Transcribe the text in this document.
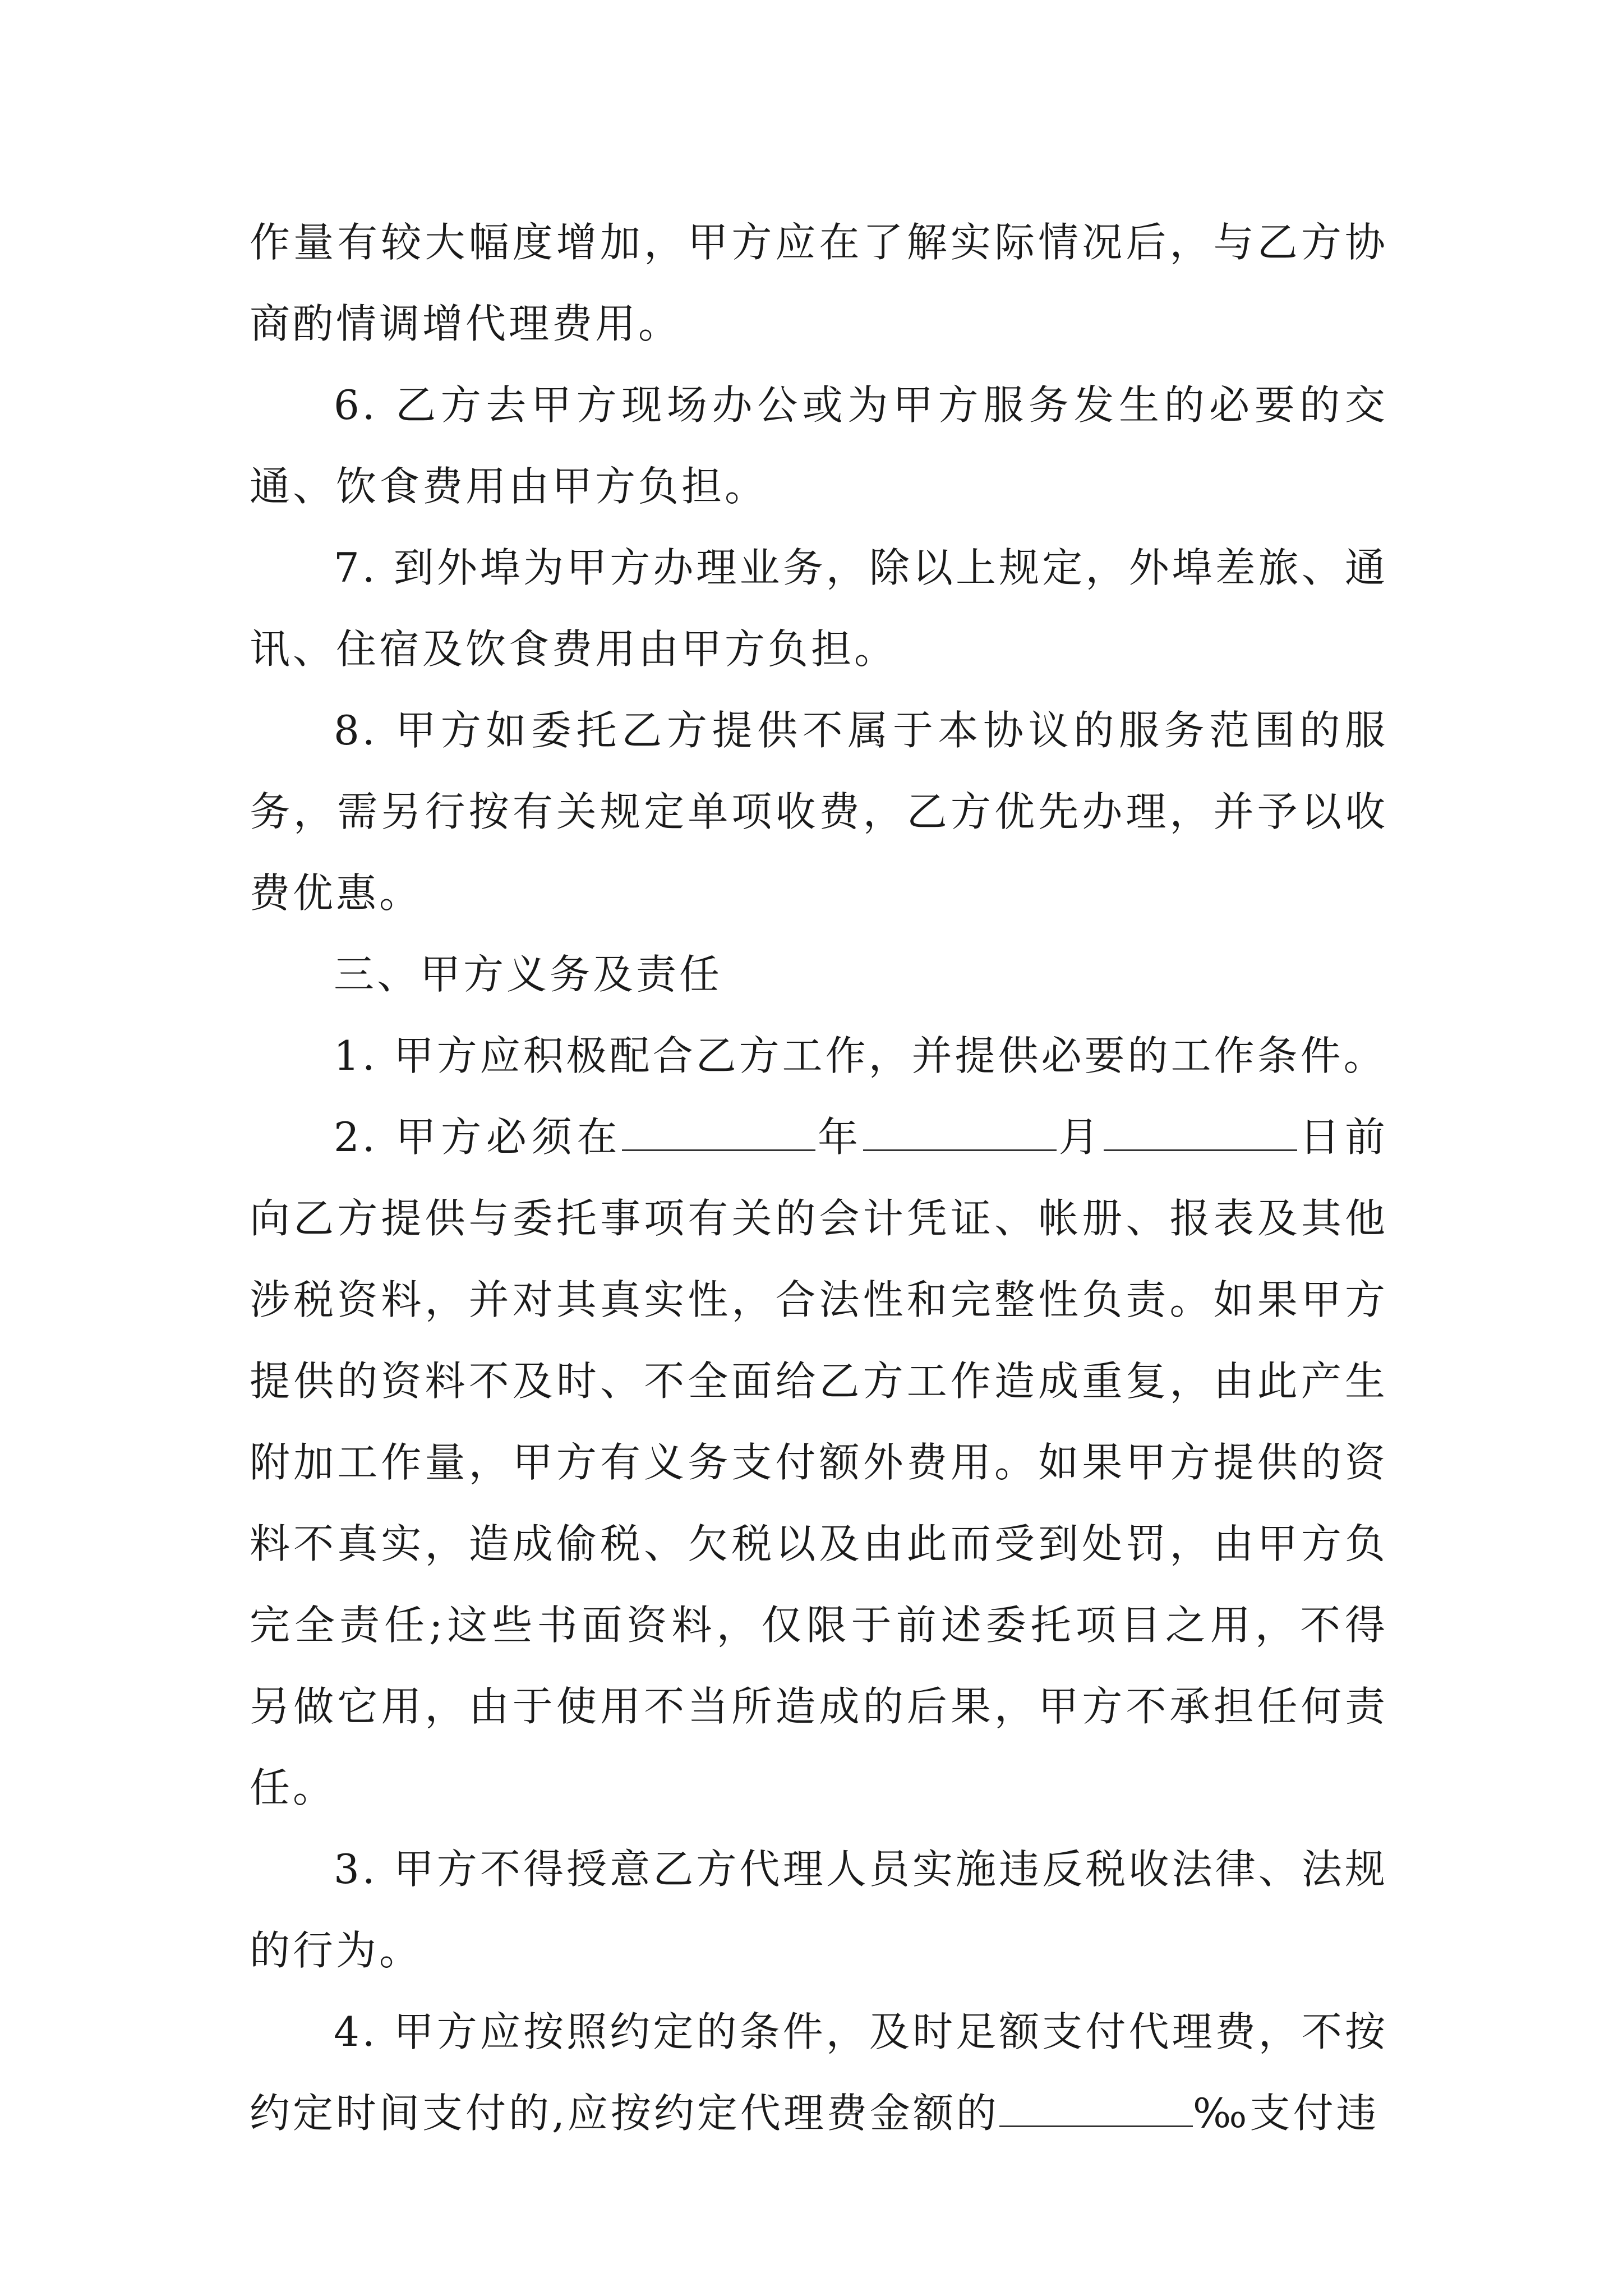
作量有较大幅度增加，甲方应在了解实际情况后，与乙方协商酌情调增代理费用。

6. 乙方去甲方现场办公或为甲方服务发生的必要的交通、饮食费用由甲方负担。

7. 到外埠为甲方办理业务，除以上规定，外埠差旅、通讯、住宿及饮食费用由甲方负担。

8. 甲方如委托乙方提供不属于本协议的服务范围的服务，需另行按有关规定单项收费，乙方优先办理，并予以收费优惠。

三、甲方义务及责任

1. 甲方应积极配合乙方工作，并提供必要的工作条件。

2. 甲方必须在	年	月	日前向乙方提供与委托事项有关的会计凭证、帐册、报表及其他涉税资料，并对其真实性，合法性和完整性负责。如果甲方提供的资料不及时、不全面给乙方工作造成重复，由此产生附加工作量，甲方有义务支付额外费用。如果甲方提供的资料不真实，造成偷税、欠税以及由此而受到处罚，由甲方负完全责任;这些书面资料，仅限于前述委托项目之用，不得另做它用，由于使用不当所造成的后果，甲方不承担任何责任。

3. 甲方不得授意乙方代理人员实施违反税收法律、法规的行为。

4. 甲方应按照约定的条件，及时足额支付代理费，不按约定时间支付的,应按约定代理费金额的	‰支付违
